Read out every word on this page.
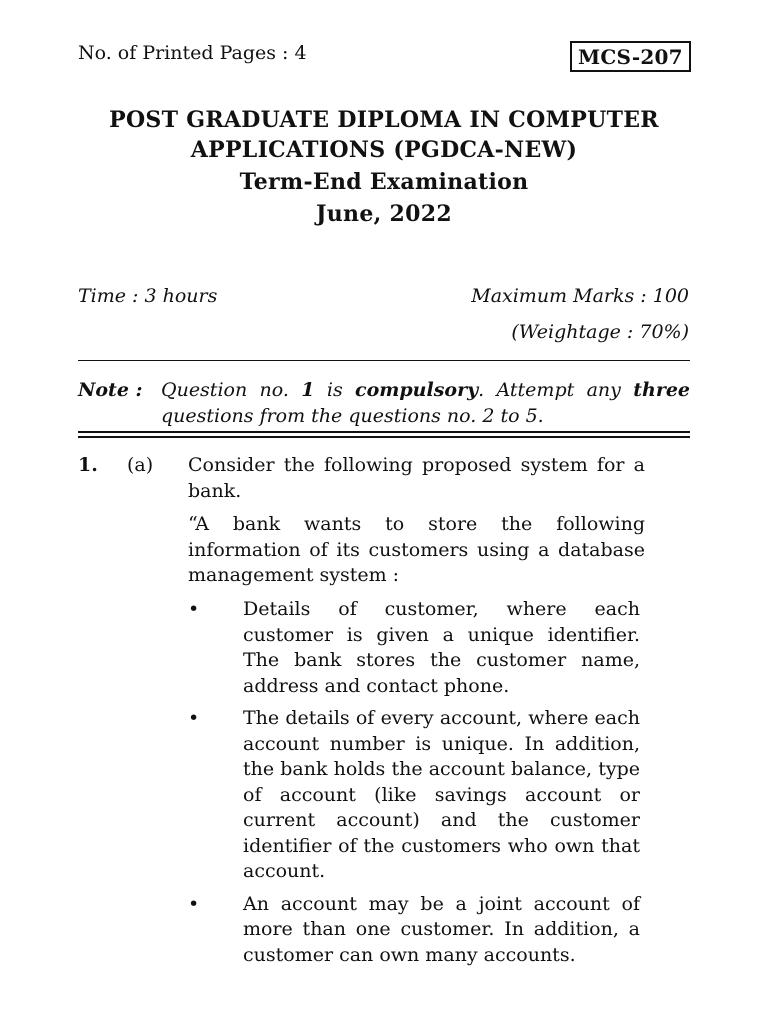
No. of Printed Pages : 4	MCS-207
POST GRADUATE DIPLOMA IN COMPUTER
APPLICATIONS (PGDCA-NEW)
Term-End Examination
June, 2022
Time : 3 hours	Maximum Marks : 100
(Weightage : 70%)
Note : Question no. 1 is compulsory. Attempt any three questions from the questions no. 2 to 5.
1. (a) Consider the following proposed system for a bank.
“A bank wants to store the following information of its customers using a database management system :
• Details of customer, where each customer is given a unique identifier. The bank stores the customer name, address and contact phone.
• The details of every account, where each account number is unique. In addition, the bank holds the account balance, type of account (like savings account or current account) and the customer identifier of the customers who own that account.
• An account may be a joint account of more than one customer. In addition, a customer can own many accounts.
